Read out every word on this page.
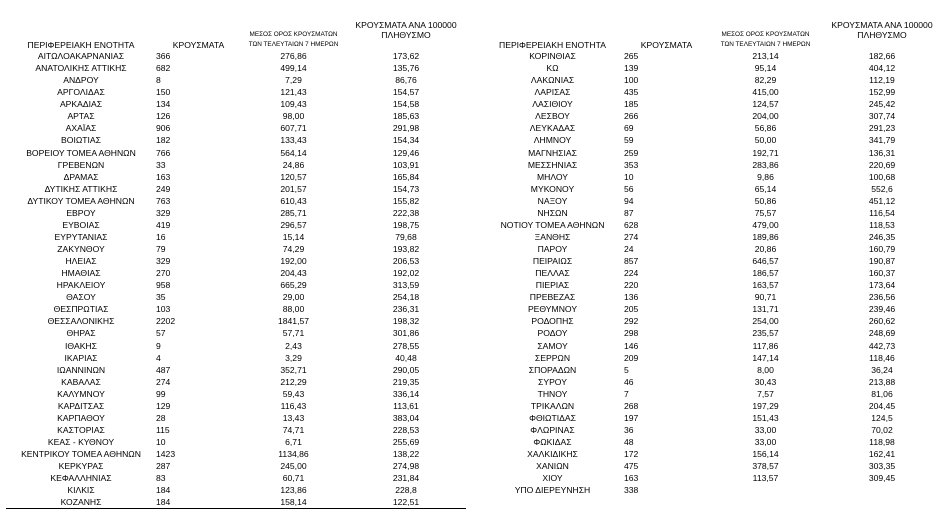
ΠΕΡΙΦΕΡΕΙΑΚΗ ΕΝΟΤΗΤΑ	ΚΡΟΥΣΜΑΤΑ	ΜΕΣΟΣ ΟΡΟΣ ΚΡΟΥΣΜΑΤΩΝ
ΤΩΝ ΤΕΛΕΥΤΑΙΩΝ 7 ΗΜΕΡΩΝ	ΚΡΟΥΣΜΑΤΑ ΑΝΑ 100000
ΠΛΗΘΥΣΜΟ

ΑΙΤΩΛΟΑΚΑΡΝΑΝΙΑΣ	366	276,86	173,62
ΑΝΑΤΟΛΙΚΗΣ ΑΤΤΙΚΗΣ	682	499,14	135,76
ΑΝΔΡΟΥ	8	7,29	86,76
ΑΡΓΟΛΙΔΑΣ	150	121,43	154,57
ΑΡΚΑΔΙΑΣ	134	109,43	154,58
ΑΡΤΑΣ	126	98,00	185,63
ΑΧΑΪΑΣ	906	607,71	291,98
ΒΟΙΩΤΙΑΣ	182	133,43	154,34
ΒΟΡΕΙΟΥ ΤΟΜΕΑ ΑΘΗΝΩΝ	766	564,14	129,46
ΓΡΕΒΕΝΩΝ	33	24,86	103,91
ΔΡΑΜΑΣ	163	120,57	165,84
ΔΥΤΙΚΗΣ ΑΤΤΙΚΗΣ	249	201,57	154,73
ΔΥΤΙΚΟΥ ΤΟΜΕΑ ΑΘΗΝΩΝ	763	610,43	155,82
ΕΒΡΟΥ	329	285,71	222,38
ΕΥΒΟΙΑΣ	419	296,57	198,75
ΕΥΡΥΤΑΝΙΑΣ	16	15,14	79,68
ΖΑΚΥΝΘΟΥ	79	74,29	193,82
ΗΛΕΙΑΣ	329	192,00	206,53
ΗΜΑΘΙΑΣ	270	204,43	192,02
ΗΡΑΚΛΕΙΟΥ	958	665,29	313,59
ΘΑΣΟΥ	35	29,00	254,18
ΘΕΣΠΡΩΤΙΑΣ	103	88,00	236,31
ΘΕΣΣΑΛΟΝΙΚΗΣ	2202	1841,57	198,32
ΘΗΡΑΣ	57	57,71	301,86
ΙΘΑΚΗΣ	9	2,43	278,55
ΙΚΑΡΙΑΣ	4	3,29	40,48
ΙΩΑΝΝΙΝΩΝ	487	352,71	290,05
ΚΑΒΑΛΑΣ	274	212,29	219,35
ΚΑΛΥΜΝΟΥ	99	59,43	336,14
ΚΑΡΔΙΤΣΑΣ	129	116,43	113,61
ΚΑΡΠΑΘΟΥ	28	13,43	383,04
ΚΑΣΤΟΡΙΑΣ	115	74,71	228,53
ΚΕΑΣ - ΚΥΘΝΟΥ	10	6,71	255,69
ΚΕΝΤΡΙΚΟΥ ΤΟΜΕΑ ΑΘΗΝΩΝ	1423	1134,86	138,22
ΚΕΡΚΥΡΑΣ	287	245,00	274,98
ΚΕΦΑΛΛΗΝΙΑΣ	83	60,71	231,84
ΚΙΛΚΙΣ	184	123,86	228,8
ΚΟΖΑΝΗΣ	184	158,14	122,51
ΠΕΡΙΦΕΡΕΙΑΚΗ ΕΝΟΤΗΤΑ	ΚΡΟΥΣΜΑΤΑ	ΜΕΣΟΣ ΟΡΟΣ ΚΡΟΥΣΜΑΤΩΝ
ΤΩΝ ΤΕΛΕΥΤΑΙΩΝ 7 ΗΜΕΡΩΝ	ΚΡΟΥΣΜΑΤΑ ΑΝΑ 100000
ΠΛΗΘΥΣΜΟ

ΚΟΡΙΝΘΙΑΣ	265	213,14	182,66
ΚΩ	139	95,14	404,12
ΛΑΚΩΝΙΑΣ	100	82,29	112,19
ΛΑΡΙΣΑΣ	435	415,00	152,99
ΛΑΣΙΘΙΟΥ	185	124,57	245,42
ΛΕΣΒΟΥ	266	204,00	307,74
ΛΕΥΚΑΔΑΣ	69	56,86	291,23
ΛΗΜΝΟΥ	59	50,00	341,79
ΜΑΓΝΗΣΙΑΣ	259	192,71	136,31
ΜΕΣΣΗΝΙΑΣ	353	283,86	220,69
ΜΗΛΟΥ	10	9,86	100,68
ΜΥΚΟΝΟΥ	56	65,14	552,6
ΝΑΞΟΥ	94	50,86	451,12
ΝΗΣΩΝ	87	75,57	116,54
ΝΟΤΙΟΥ ΤΟΜΕΑ ΑΘΗΝΩΝ	628	479,00	118,53
ΞΑΝΘΗΣ	274	189,86	246,35
ΠΑΡΟΥ	24	20,86	160,79
ΠΕΙΡΑΙΩΣ	857	646,57	190,87
ΠΕΛΛΑΣ	224	186,57	160,37
ΠΙΕΡΙΑΣ	220	163,57	173,64
ΠΡΕΒΕΖΑΣ	136	90,71	236,56
ΡΕΘΥΜΝΟΥ	205	131,71	239,46
ΡΟΔΟΠΗΣ	292	254,00	260,62
ΡΟΔΟΥ	298	235,57	248,69
ΣΑΜΟΥ	146	117,86	442,73
ΣΕΡΡΩΝ	209	147,14	118,46
ΣΠΟΡΑΔΩΝ	5	8,00	36,24
ΣΥΡΟΥ	46	30,43	213,88
ΤΗΝΟΥ	7	7,57	81,06
ΤΡΙΚΑΛΩΝ	268	197,29	204,45
ΦΘΙΩΤΙΔΑΣ	197	151,43	124,5
ΦΛΩΡΙΝΑΣ	36	33,00	70,02
ΦΩΚΙΔΑΣ	48	33,00	118,98
ΧΑΛΚΙΔΙΚΗΣ	172	156,14	162,41
ΧΑΝΙΩΝ	475	378,57	303,35
ΧΙΟΥ	163	113,57	309,45
ΥΠΟ ΔΙΕΡΕΥΝΗΣΗ	338		
